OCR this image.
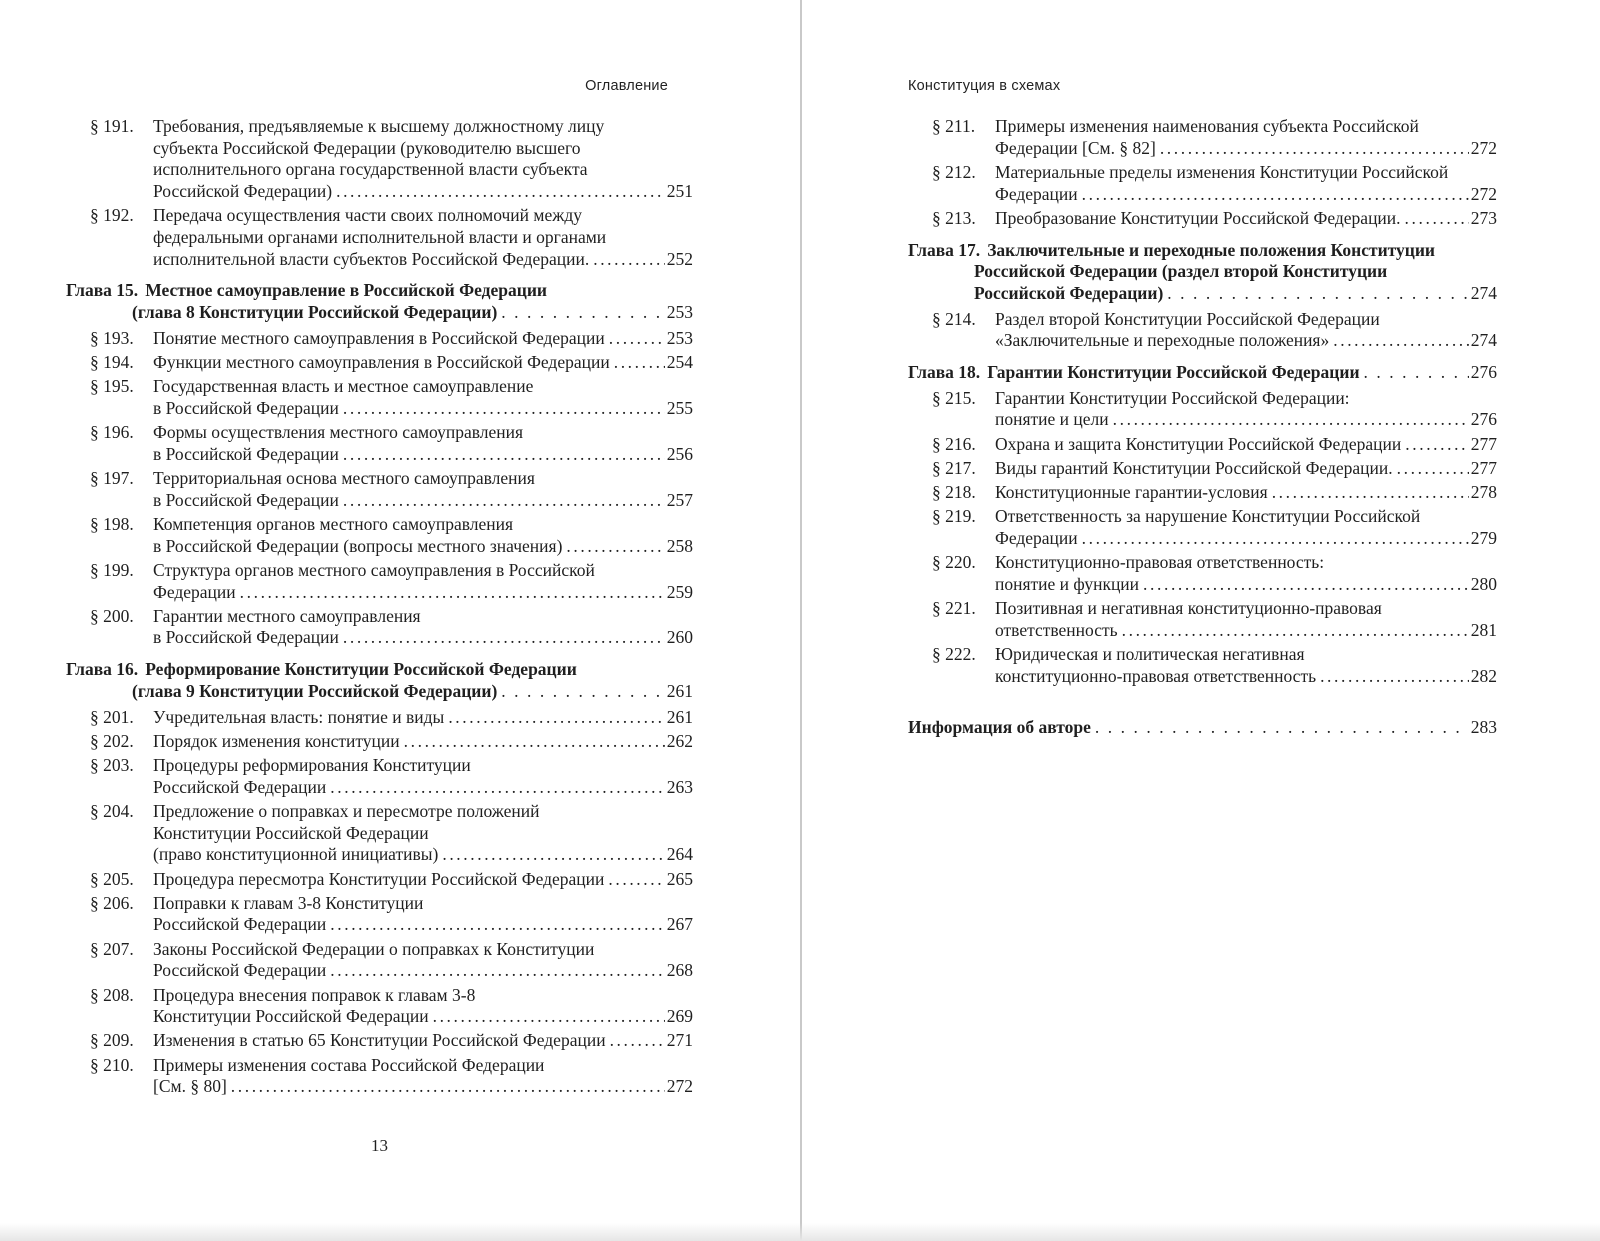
Оглавление	Конституция в схемах
§ 191.	Требования, предъявляемые к высшему должностному лицу
субъекта Российской Федерации (руководителю высшего
исполнительного органа государственной власти субъекта
Российской Федерации) .....	251
§ 192.	Передача осуществления части своих полномочий между
федеральными органами исполнительной власти и органами
исполнительной власти субъектов Российской Федерации. .....	252
Глава 15. Местное самоуправление в Российской Федерации
(глава 8 Конституции Российской Федерации) .....	253
§ 193.	Понятие местного самоуправления в Российской Федерации .....	253
§ 194.	Функции местного самоуправления в Российской Федерации .....	254
§ 195.	Государственная власть и местное самоуправление
в Российской Федерации .....	255
§ 196.	Формы осуществления местного самоуправления
в Российской Федерации .....	256
§ 197.	Территориальная основа местного самоуправления
в Российской Федерации .....	257
§ 198.	Компетенция органов местного самоуправления
в Российской Федерации (вопросы местного значения) .....	258
§ 199.	Структура органов местного самоуправления в Российской
Федерации .....	259
§ 200.	Гарантии местного самоуправления
в Российской Федерации .....	260
Глава 16. Реформирование Конституции Российской Федерации
(глава 9 Конституции Российской Федерации) .....	261
§ 201.	Учредительная власть: понятие и виды .....	261
§ 202.	Порядок изменения конституции .....	262
§ 203.	Процедуры реформирования Конституции
Российской Федерации .....	263
§ 204.	Предложение о поправках и пересмотре положений
Конституции Российской Федерации
(право конституционной инициативы) .....	264
§ 205.	Процедура пересмотра Конституции Российской Федерации .....	265
§ 206.	Поправки к главам 3-8 Конституции
Российской Федерации .....	267
§ 207.	Законы Российской Федерации о поправках к Конституции
Российской Федерации .....	268
§ 208.	Процедура внесения поправок к главам 3-8
Конституции Российской Федерации .....	269
§ 209.	Изменения в статью 65 Конституции Российской Федерации .....	271
§ 210.	Примеры изменения состава Российской Федерации
[См. § 80] .....	272
§ 211.	Примеры изменения наименования субъекта Российской
Федерации [См. § 82] .....	272
§ 212.	Материальные пределы изменения Конституции Российской
Федерации .....	272
§ 213.	Преобразование Конституции Российской Федерации. .....	273
Глава 17. Заключительные и переходные положения Конституции
Российской Федерации (раздел второй Конституции
Российской Федерации) .....	274
§ 214.	Раздел второй Конституции Российской Федерации
«Заключительные и переходные положения» .....	274
Глава 18. Гарантии Конституции Российской Федерации .....	276
§ 215.	Гарантии Конституции Российской Федерации:
понятие и цели .....	276
§ 216.	Охрана и защита Конституции Российской Федерации .....	277
§ 217.	Виды гарантий Конституции Российской Федерации. .....	277
§ 218.	Конституционные гарантии-условия .....	278
§ 219.	Ответственность за нарушение Конституции Российской
Федерации .....	279
§ 220.	Конституционно-правовая ответственность:
понятие и функции .....	280
§ 221.	Позитивная и негативная конституционно-правовая
ответственность .....	281
§ 222.	Юридическая и политическая негативная
конституционно-правовая ответственность .....	282
Информация об авторе .....	283
13
